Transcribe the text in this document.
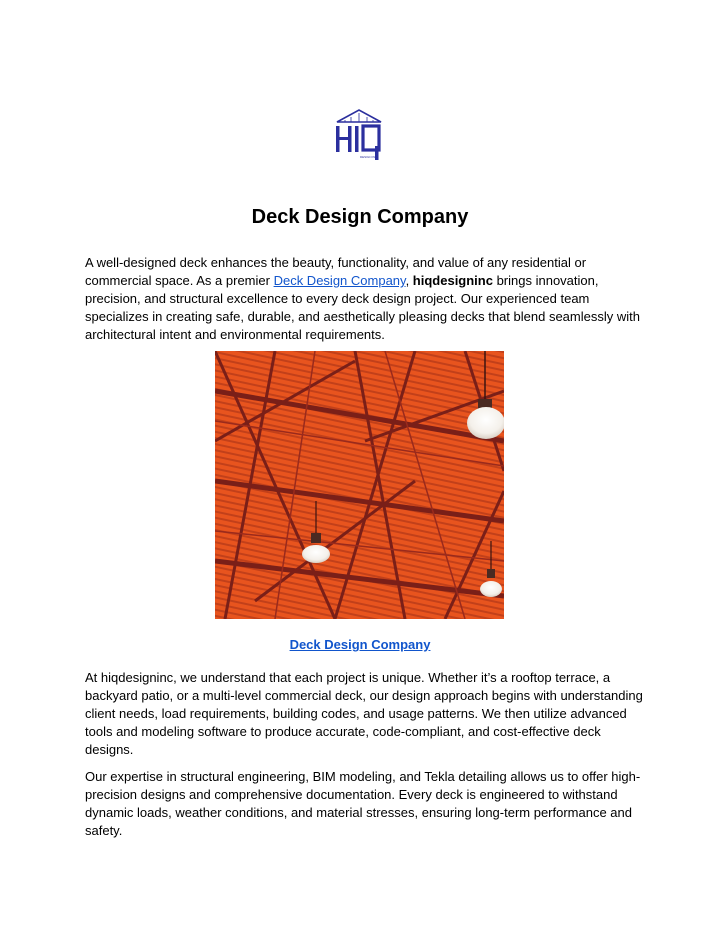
DESIGN INC
Deck Design Company

A well-designed deck enhances the beauty, functionality, and value of any residential or commercial space. As a premier Deck Design Company, hiqdesigninc brings innovation, precision, and structural excellence to every deck design project. Our experienced team specializes in creating safe, durable, and aesthetically pleasing decks that blend seamlessly with architectural intent and environmental requirements.

Deck Design Company

At hiqdesigninc, we understand that each project is unique. Whether it’s a rooftop terrace, a backyard patio, or a multi-level commercial deck, our design approach begins with understanding client needs, load requirements, building codes, and usage patterns. We then utilize advanced tools and modeling software to produce accurate, code-compliant, and cost-effective deck designs.

Our expertise in structural engineering, BIM modeling, and Tekla detailing allows us to offer high-precision designs and comprehensive documentation. Every deck is engineered to withstand dynamic loads, weather conditions, and material stresses, ensuring long-term performance and safety.
